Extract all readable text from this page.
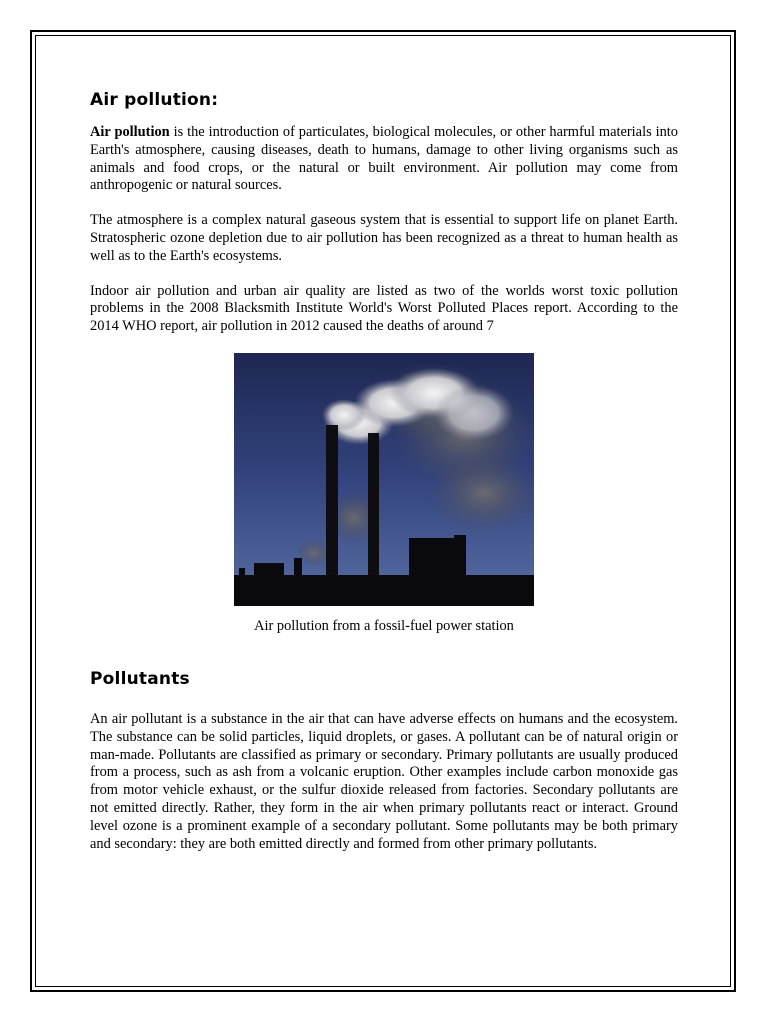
Air pollution:

Air pollution is the introduction of particulates, biological molecules, or other harmful materials into Earth's atmosphere, causing diseases, death to humans, damage to other living organisms such as animals and food crops, or the natural or built environment. Air pollution may come from anthropogenic or natural sources.

The atmosphere is a complex natural gaseous system that is essential to support life on planet Earth. Stratospheric ozone depletion due to air pollution has been recognized as a threat to human health as well as to the Earth's ecosystems.

Indoor air pollution and urban air quality are listed as two of the worlds worst toxic pollution problems in the 2008 Blacksmith Institute World's Worst Polluted Places report. According to the 2014 WHO report, air pollution in 2012 caused the deaths of around 7

Air pollution from a fossil-fuel power station
Pollutants

An air pollutant is a substance in the air that can have adverse effects on humans and the ecosystem. The substance can be solid particles, liquid droplets, or gases. A pollutant can be of natural origin or man-made. Pollutants are classified as primary or secondary. Primary pollutants are usually produced from a process, such as ash from a volcanic eruption. Other examples include carbon monoxide gas from motor vehicle exhaust, or the sulfur dioxide released from factories. Secondary pollutants are not emitted directly. Rather, they form in the air when primary pollutants react or interact. Ground level ozone is a prominent example of a secondary pollutant. Some pollutants may be both primary and secondary: they are both emitted directly and formed from other primary pollutants.
